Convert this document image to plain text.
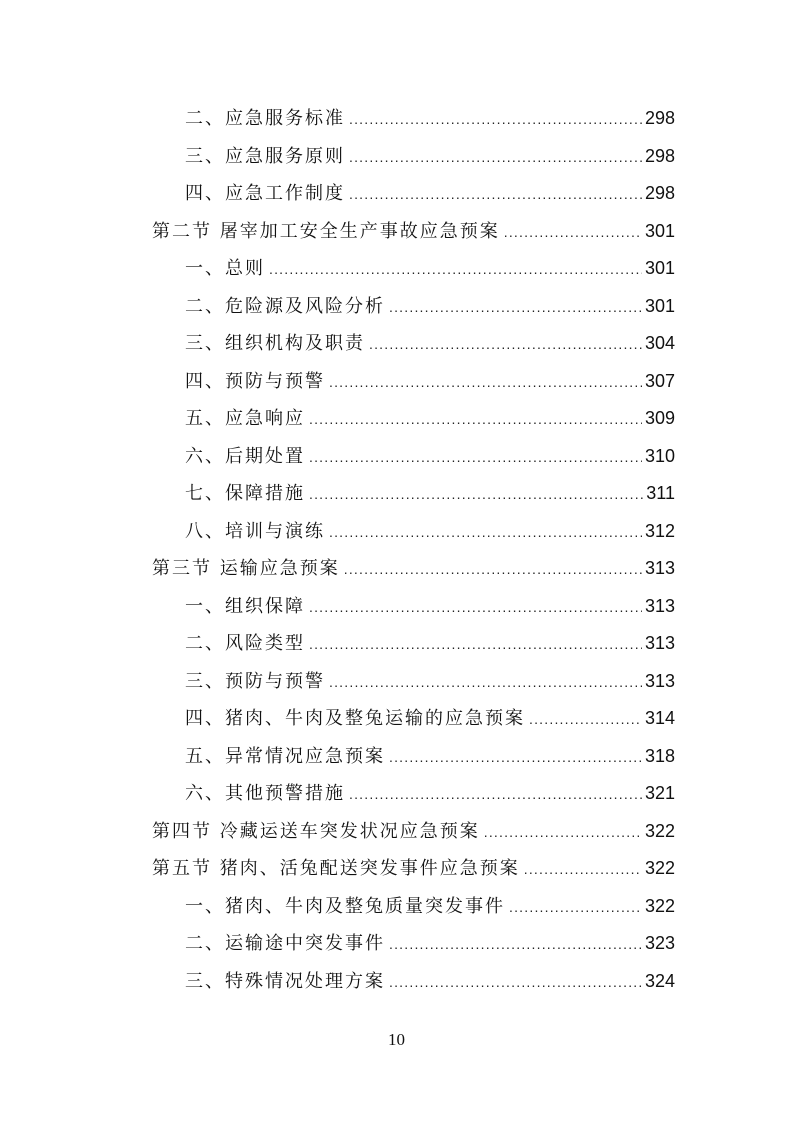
二、应急服务标准 .....	298
三、应急服务原则 .....	298
四、应急工作制度 .....	298
第二节 屠宰加工安全生产事故应急预案 .....	301
一、总则 .....	301
二、危险源及风险分析 .....	301
三、组织机构及职责 .....	304
四、预防与预警 .....	307
五、应急响应 .....	309
六、后期处置 .....	310
七、保障措施 .....	311
八、培训与演练 .....	312
第三节 运输应急预案 .....	313
一、组织保障 .....	313
二、风险类型 .....	313
三、预防与预警 .....	313
四、猪肉、牛肉及整兔运输的应急预案 .....	314
五、异常情况应急预案 .....	318
六、其他预警措施 .....	321
第四节 冷藏运送车突发状况应急预案 .....	322
第五节 猪肉、活兔配送突发事件应急预案 .....	322
一、猪肉、牛肉及整兔质量突发事件 .....	322
二、运输途中突发事件 .....	323
三、特殊情况处理方案 .....	324
10
